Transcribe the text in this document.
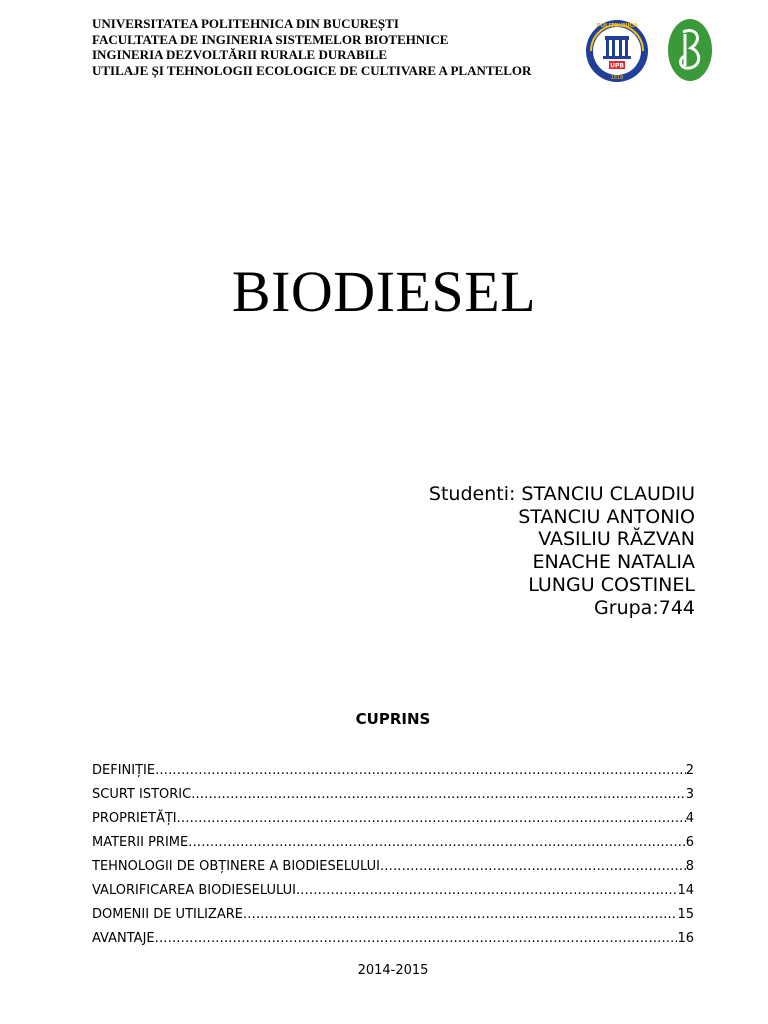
UNIVERSITATEA POLITEHNICA DIN BUCUREȘTI
FACULTATEA DE INGINERIA SISTEMELOR BIOTEHNICE
INGINERIA DEZVOLTĂRII RURALE DURABILE
UTILAJE ȘI TEHNOLOGII ECOLOGICE DE CULTIVARE A PLANTELOR	UPB
POLITEHNICA
1818
BIODIESEL
Studenti: STANCIU CLAUDIU
STANCIU ANTONIO
VASILIU RĂZVAN
ENACHE NATALIA
LUNGU COSTINEL
Grupa:744
CUPRINS
DEFINIȚIE .....	2
SCURT ISTORIC .....	3
PROPRIETĂȚI .....	4
MATERII PRIME .....	6
TEHNOLOGII DE OBȚINERE A BIODIESELULUI .....	8
VALORIFICAREA BIODIESELULUI .....	14
DOMENII DE UTILIZARE .....	15
AVANTAJE .....	16
2014-2015
